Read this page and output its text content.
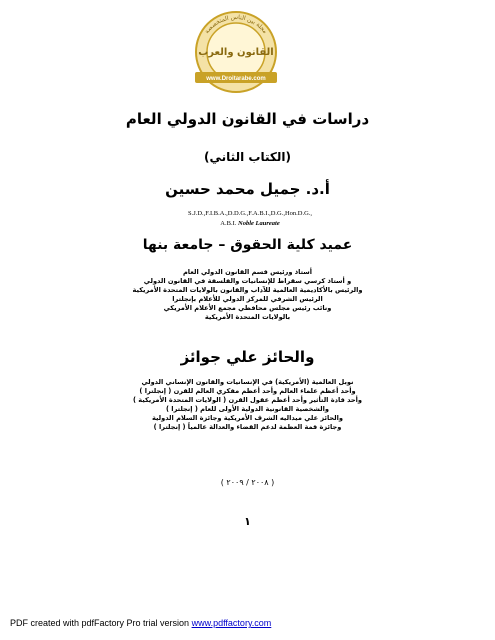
مجلة بين الناس المتخصصة
القانون والعرب
www.Droitarabe.com
دراسات في القانون الدولي العام
(الكتاب الثاني)
أ.د. جميل محمد حسين
S.J.D.,F.I.B.A.,D.D.G.,F.A.B.I.,D.G.,Hon.D.G.,
A.B.I. Noble Laureate
عميد كلية الحقوق – جامعة بنها
أستاذ ورئيس قسم القانون الدولي العام
و أستاذ كرسي سقراط للإنسانيات والفلسفة في القانون الدولي
والرئيس بالأكاديمية العالمية للآداب والقانون بالولايات المتحدة الأمريكية
الرئيس الشرفي للمركز الدولي للأعلام بإنجلترا
ونائب رئيس مجلس محافظي مجمع الأعلام الأمريكي
بالولايات المتحدة الأمريكية
والحائز علي جوائز
نوبل العالمية (الأمريكية) في الإنسانيات والقانون الإنساني الدولي
وأحد أعظم علماء العالم وأحد أعظم مفكري العالم للقرن ( إنجلترا )
وأحد قادة التأثير وأحد أعظم عقول القرن ( الولايات المتحدة الأمريكية )
والشخصية القانونية الدولية الأولى للعام ( إنجلترا )
والحائز علي ميداليه الشرف الأمريكية وجائزة السلام الدولية
وجائزة قمة العظمة لدعم القضاء والعدالة عالمياً ( إنجلترا )
( ٢٠٠٨ / ٢٠٠٩ )
١
PDF created with pdfFactory Pro trial version www.pdffactory.com
